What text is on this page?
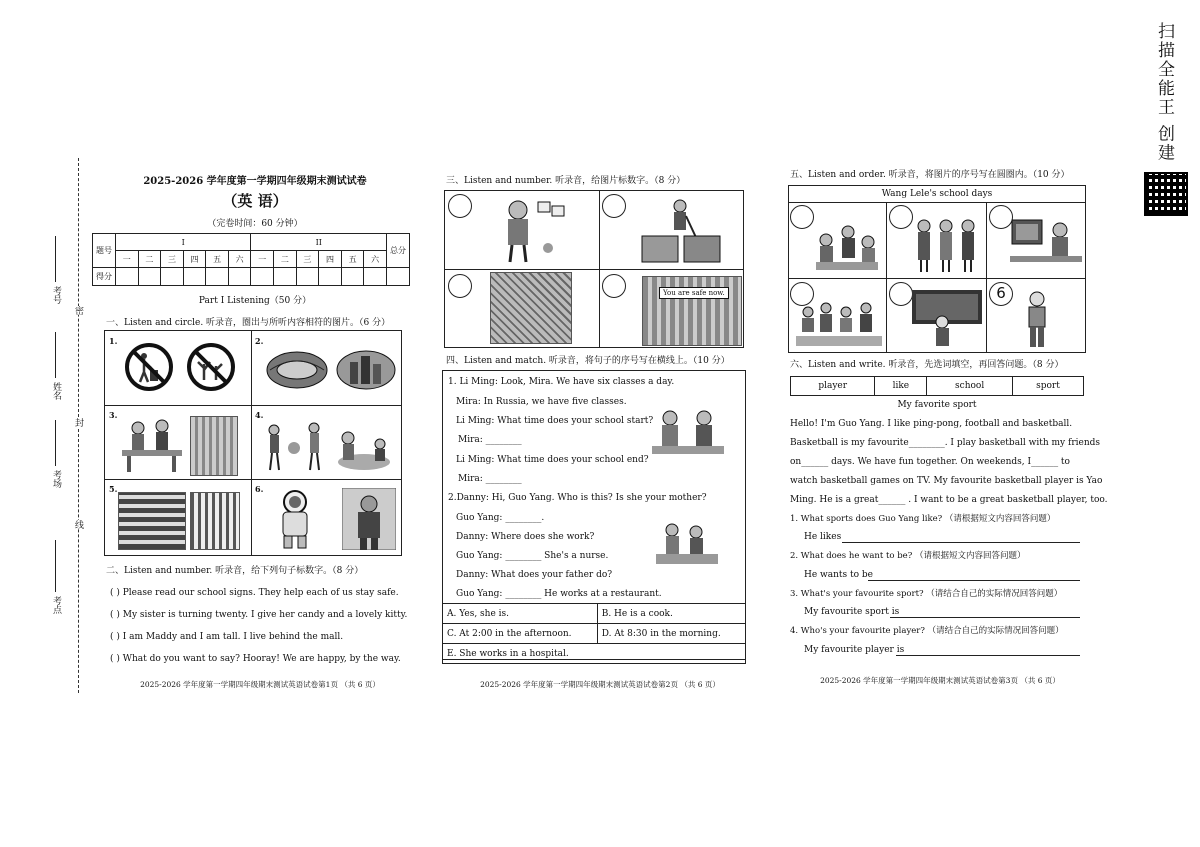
扫描全能王 创建
考号
姓名
考场
考点
密
封
线
2025-2026 学年度第一学期四年级期末测试试卷
（英 语）
（完卷时间：60 分钟）
题号	I						II						总分
	一	二	三	四	五	六	一	二	三	四	五	六	
得分													
Part I Listening（50 分）
一、Listen and circle. 听录音，圈出与所听内容相符的图片。（6 分）
1.	2.
3.	4.
5.	6.
二、Listen and number. 听录音，给下列句子标数字。（8 分）
( ) Please read our school signs. They help each of us stay safe.
( ) My sister is turning twenty. I give her candy and a lovely kitty.
( ) I am Maddy and I am tall. I live behind the mall.
( ) What do you want to say? Hooray! We are happy, by the way.
2025-2026 学年度第一学期四年级期末测试英语试卷第1页 （共 6 页）
三、Listen and number. 听录音，给图片标数字。（8 分）
You are safe now.
四、Listen and match. 听录音，将句子的序号写在横线上。（10 分）
1. Li Ming: Look, Mira. We have six classes a day.
Mira: In Russia, we have five classes.
Li Ming: What time does your school start?
Mira: ________
Li Ming: What time does your school end?
Mira: ________
2.Danny: Hi, Guo Yang. Who is this? Is she your mother?
Guo Yang: ________.
Danny: Where does she work?
Guo Yang: ________ She's a nurse.
Danny: What does your father do?
Guo Yang: ________ He works at a restaurant.
A. Yes, she is.	B. He is a cook.
C. At 2:00 in the afternoon.	D. At 8:30 in the morning.
E. She works in a hospital.	
2025-2026 学年度第一学期四年级期末测试英语试卷第2页 （共 6 页）
五、Listen and order. 听录音，将图片的序号写在圆圈内。（10 分）
Wang Lele's school days
6
六、Listen and write. 听录音，先选词填空，再回答问题。（8 分）
player	like	school	sport
My favorite sport
Hello! I'm Guo Yang. I like ping-pong, football and basketball.
Basketball is my favourite________. I play basketball with my friends
on______ days. We have fun together. On weekends, I______ to
watch basketball games on TV. My favourite basketball player is Yao
Ming. He is a great______ . I want to be a great basketball player, too.
1. What sports does Guo Yang like? （请根据短文内容回答问题）
He likes
2. What does he want to be? （请根据短文内容回答问题）
He wants to be
3. What's your favourite sport? （请结合自己的实际情况回答问题）
My favourite sport is
4. Who's your favourite player? （请结合自己的实际情况回答问题）
My favourite player is
2025-2026 学年度第一学期四年级期末测试英语试卷第3页 （共 6 页）
